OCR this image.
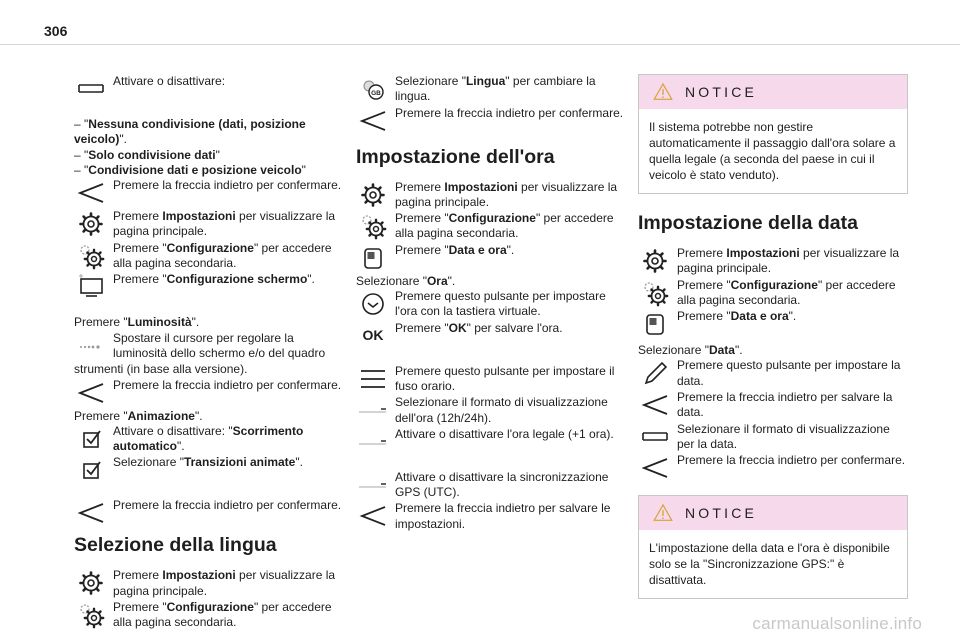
306
Attivare o disattivare:
– "Nessuna condivisione (dati, posizione veicolo)".
– "Solo condivisione dati"
– "Condivisione dati e posizione veicolo"
Premere la freccia indietro per confermare.
Premere Impostazioni per visualizzare la pagina principale.
Premere "Configurazione" per accedere alla pagina secondaria.
Premere "Configurazione schermo".
Premere "Luminosità".
Spostare il cursore per regolare la luminosità dello schermo e/o del quadro
strumenti (in base alla versione).
Premere la freccia indietro per confermare.
Premere "Animazione".
Attivare o disattivare: "Scorrimento automatico".
Selezionare "Transizioni animate".
Premere la freccia indietro per confermare.
Selezione della lingua
Premere Impostazioni per visualizzare la pagina principale.
Premere "Configurazione" per accedere alla pagina secondaria.
Selezionare "Lingua" per cambiare la lingua.
Premere la freccia indietro per confermare.
Impostazione dell'ora
Premere Impostazioni per visualizzare la pagina principale.
Premere "Configurazione" per accedere alla pagina secondaria.
Premere "Data e ora".
Selezionare "Ora".
Premere questo pulsante per impostare l'ora con la tastiera virtuale.
OK Premere "OK" per salvare l'ora.
Premere questo pulsante per impostare il fuso orario.
Selezionare il formato di visualizzazione dell'ora (12h/24h).
Attivare o disattivare l'ora legale (+1 ora).
Attivare o disattivare la sincronizzazione GPS (UTC).
Premere la freccia indietro per salvare le impostazioni.
NOTICE
Il sistema potrebbe non gestire automaticamente il passaggio dall'ora solare a quella legale (a seconda del paese in cui il veicolo è stato venduto).
Impostazione della data
Premere Impostazioni per visualizzare la pagina principale.
Premere "Configurazione" per accedere alla pagina secondaria.
Premere "Data e ora".
Selezionare "Data".
Premere questo pulsante per impostare la data.
Premere la freccia indietro per salvare la data.
Selezionare il formato di visualizzazione per la data.
Premere la freccia indietro per confermare.
NOTICE
L'impostazione della data e l'ora è disponibile solo se la "Sincronizzazione GPS:" è disattivata.
carmanualsonline.info
